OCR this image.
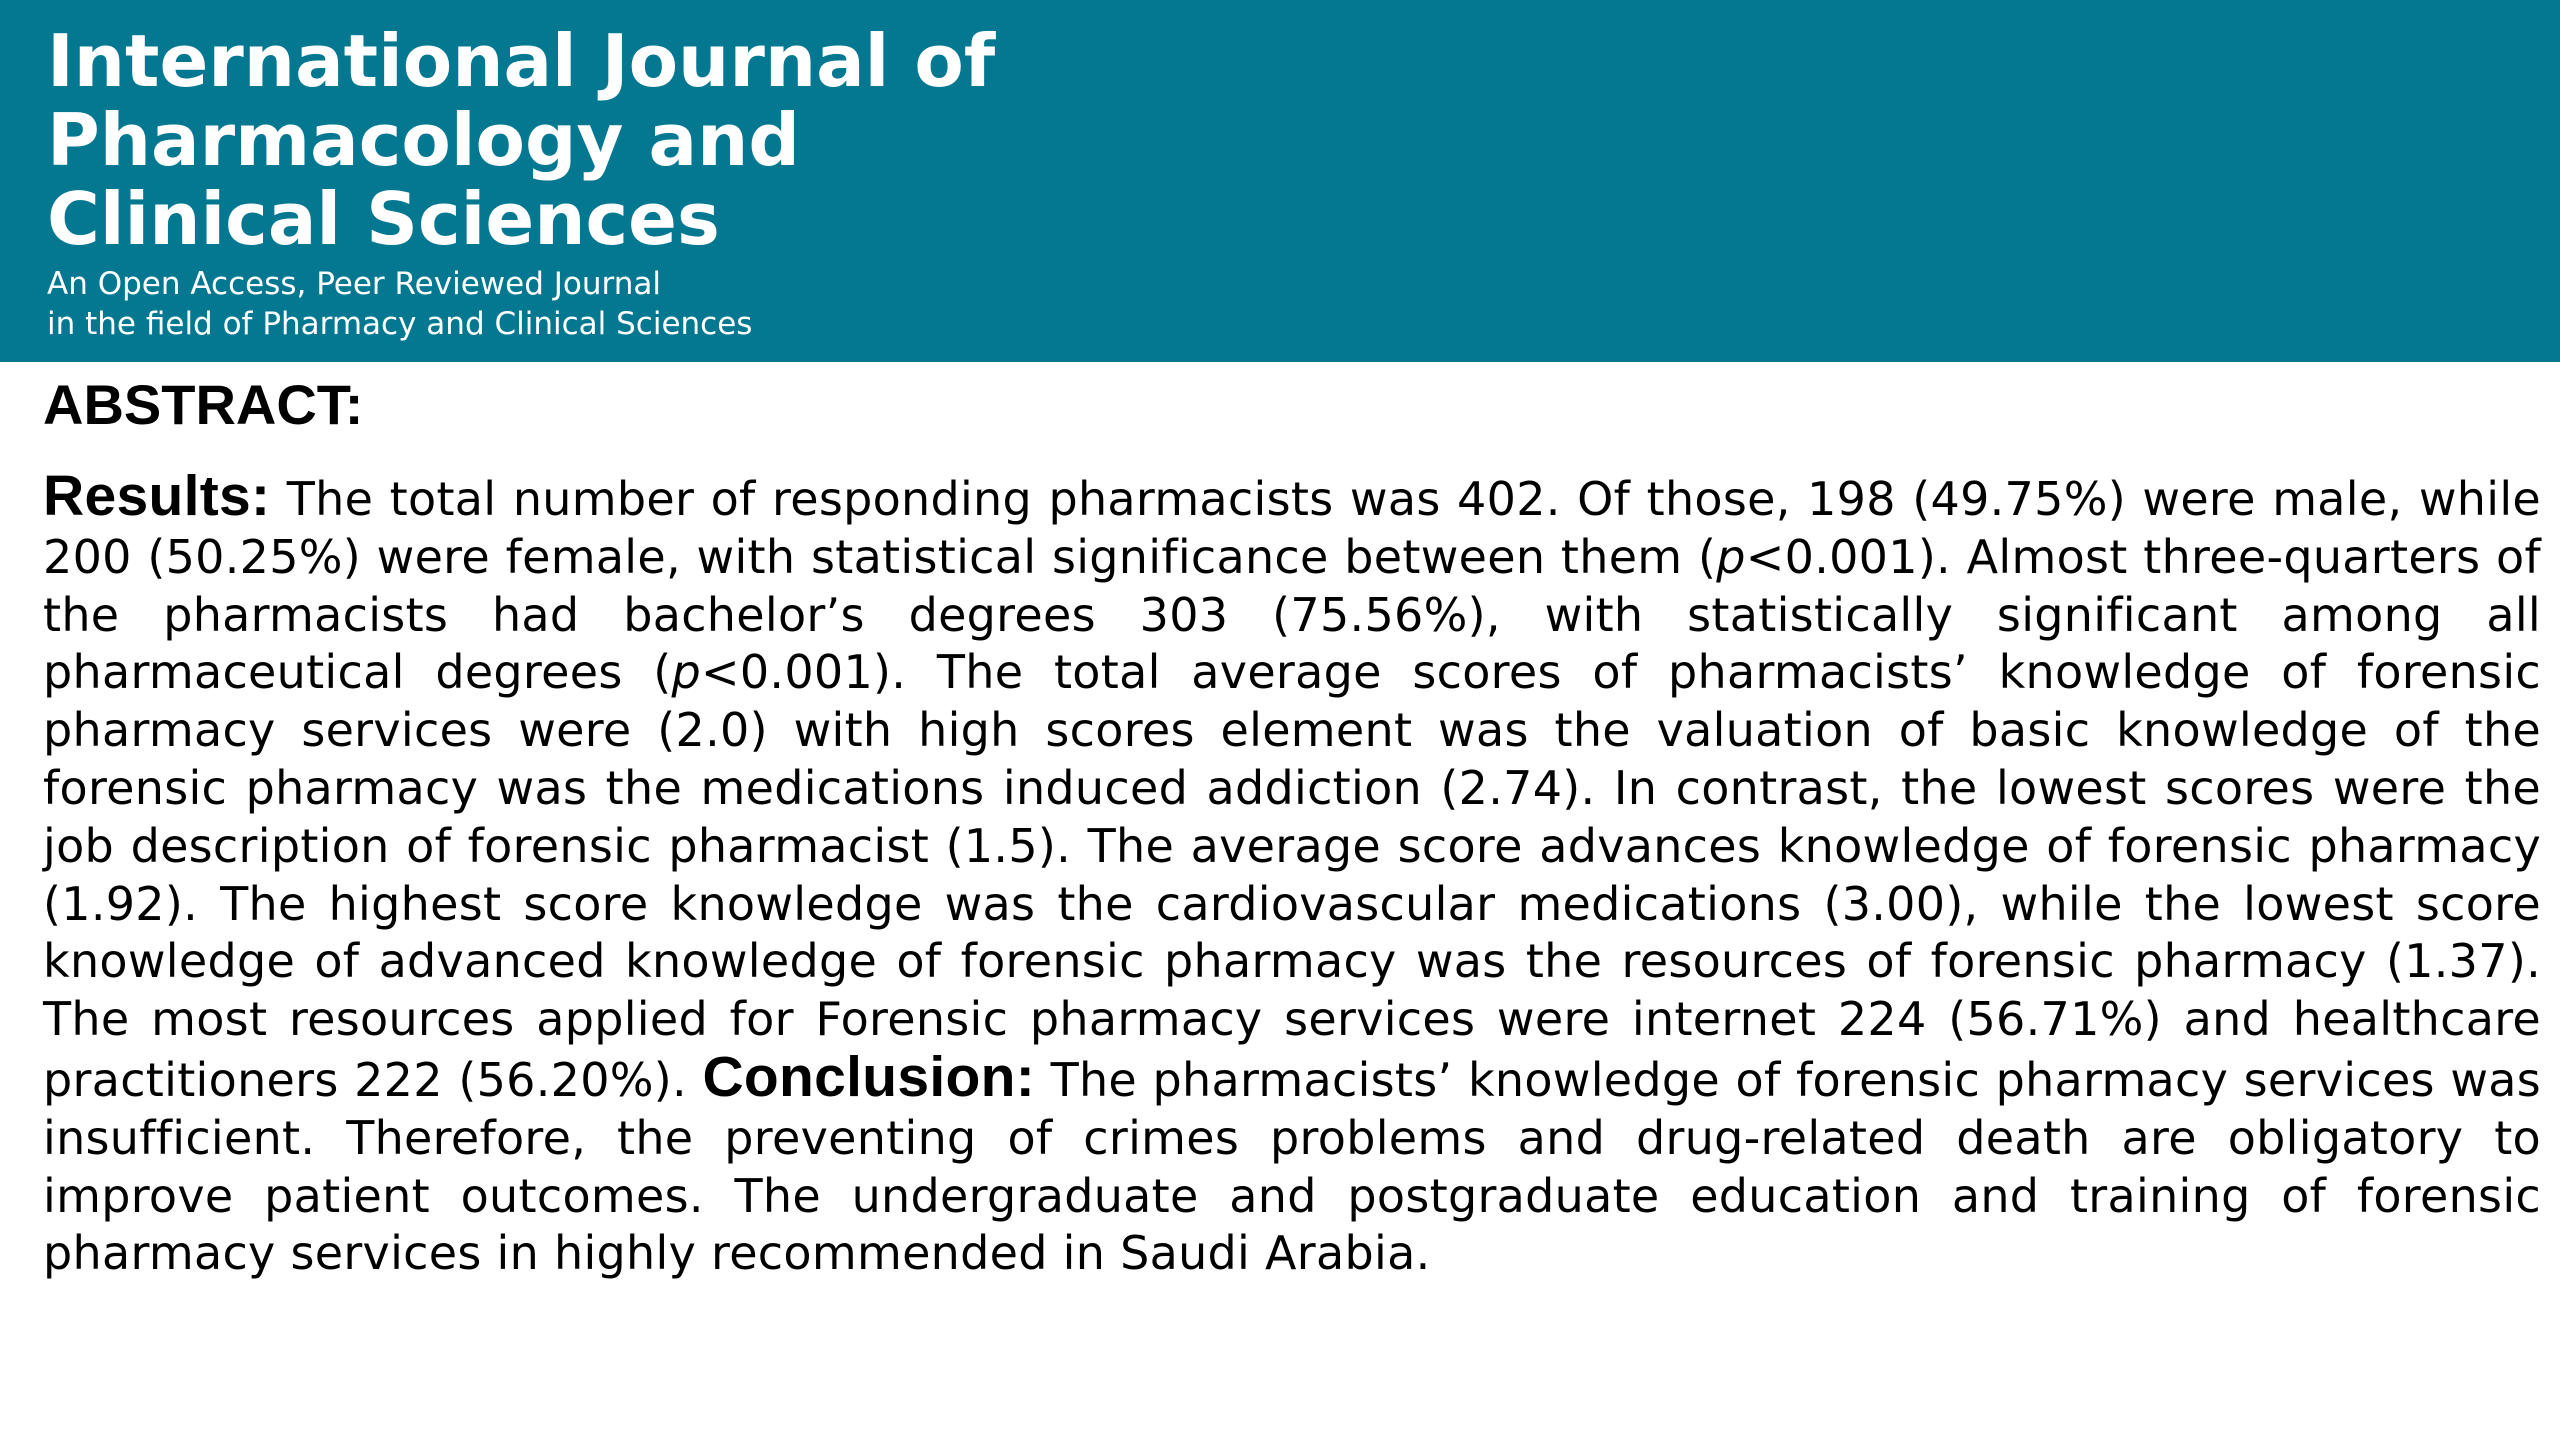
International Journal of
Pharmacology and
Clinical Sciences

An Open Access, Peer Reviewed Journal
in the field of Pharmacy and Clinical Sciences

ABSTRACT:

Results: The total number of responding pharmacists was 402. Of those, 198 (49.75%) were male, while 200 (50.25%) were female, with statistical significance between them (p<0.001). Almost three-quarters of the pharmacists had bachelor’s degrees 303 (75.56%), with statistically significant among all pharmaceutical degrees (p<0.001). The total average scores of pharmacists’ knowledge of forensic pharmacy services were (2.0) with high scores element was the valuation of basic knowledge of the forensic pharmacy was the medications induced addiction (2.74). In contrast, the lowest scores were the job description of forensic pharmacist (1.5). The average score advances knowledge of forensic pharmacy (1.92). The highest score knowledge was the cardiovascular medications (3.00), while the lowest score knowledge of advanced knowledge of forensic pharmacy was the resources of forensic pharmacy (1.37). The most resources applied for Forensic pharmacy services were internet 224 (56.71%) and healthcare practitioners 222 (56.20%). Conclusion: The pharmacists’ knowledge of forensic pharmacy services was insufficient. Therefore, the preventing of crimes problems and drug-related death are obligatory to improve patient outcomes. The undergraduate and postgraduate education and training of forensic pharmacy services in highly recommended in Saudi Arabia.
